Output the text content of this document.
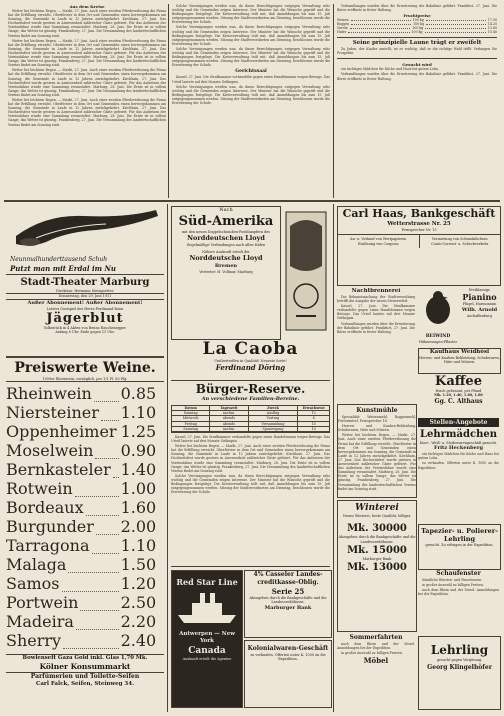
Aus dem Kreise

Wetter bei leichtem Regen. — Markt, 27. Juni. Auch einer zweiten Pferdeverlosung die Firma hat die Erfüllung erreicht. Oberförster in dem Ort und Gemeinden einen hervorgekommen am Sonntag, die Gemeinde in Laufe in 12 Jahren zurückgekehrt. Kirchhain, 27. Juni. Das Hochzeitsfest wurde gestern in Anwesenheit zahlreicher Gäste gefeiert. Für das Aufsetzen der Vereinsfahne wurde eine Sammlung veranstaltet. Marburg, 28. Juni. Die Ernte ist in vollem Gange; das Wetter ist günstig. Frankenberg, 27. Juni. Die Versammlung des landwirtschaftlichen Vereins findet am Sonntag statt.

Wetter bei leichtem Regen. — Markt, 27. Juni. Auch einer zweiten Pferdeverlosung die Firma hat die Erfüllung erreicht. Oberförster in dem Ort und Gemeinden einen hervorgekommen am Sonntag, die Gemeinde in Laufe in 12 Jahren zurückgekehrt. Kirchhain, 27. Juni. Das Hochzeitsfest wurde gestern in Anwesenheit zahlreicher Gäste gefeiert. Für das Aufsetzen der Vereinsfahne wurde eine Sammlung veranstaltet. Marburg, 28. Juni. Die Ernte ist in vollem Gange; das Wetter ist günstig. Frankenberg, 27. Juni. Die Versammlung des landwirtschaftlichen Vereins findet am Sonntag statt.

Wetter bei leichtem Regen. — Markt, 27. Juni. Auch einer zweiten Pferdeverlosung die Firma hat die Erfüllung erreicht. Oberförster in dem Ort und Gemeinden einen hervorgekommen am Sonntag, die Gemeinde in Laufe in 12 Jahren zurückgekehrt. Kirchhain, 27. Juni. Das Hochzeitsfest wurde gestern in Anwesenheit zahlreicher Gäste gefeiert. Für das Aufsetzen der Vereinsfahne wurde eine Sammlung veranstaltet. Marburg, 28. Juni. Die Ernte ist in vollem Gange; das Wetter ist günstig. Frankenberg, 27. Juni. Die Versammlung des landwirtschaftlichen Vereins findet am Sonntag statt.

Wetter bei leichtem Regen. — Markt, 27. Juni. Auch einer zweiten Pferdeverlosung die Firma hat die Erfüllung erreicht. Oberförster in dem Ort und Gemeinden einen hervorgekommen am Sonntag, die Gemeinde in Laufe in 12 Jahren zurückgekehrt. Kirchhain, 27. Juni. Das Hochzeitsfest wurde gestern in Anwesenheit zahlreicher Gäste gefeiert. Für das Aufsetzen der Vereinsfahne wurde eine Sammlung veranstaltet. Marburg, 28. Juni. Die Ernte ist in vollem Gange; das Wetter ist günstig. Frankenberg, 27. Juni. Die Versammlung des landwirtschaftlichen Vereins findet am Sonntag statt.

Solche Vereinigungen werden nun, da ihnen Berechtigungen entgegen Verwaltung sehr wichtig und die Gemeinden zeigen Interesse. Der Minister hat die Wünsche geprüft und die Bedingungen festgelegt. Die Kreisverwaltung teilt mit, daß Anmeldungen bis zum 15. Juli entgegengenommen werden. Sitzung der Stadtverordneten am Dienstag, beschlossen wurde die Erweiterung der Schule.

Solche Vereinigungen werden nun, da ihnen Berechtigungen entgegen Verwaltung sehr wichtig und die Gemeinden zeigen Interesse. Der Minister hat die Wünsche geprüft und die Bedingungen festgelegt. Die Kreisverwaltung teilt mit, daß Anmeldungen bis zum 15. Juli entgegengenommen werden. Sitzung der Stadtverordneten am Dienstag, beschlossen wurde die Erweiterung der Schule.

Solche Vereinigungen werden nun, da ihnen Berechtigungen entgegen Verwaltung sehr wichtig und die Gemeinden zeigen Interesse. Der Minister hat die Wünsche geprüft und die Bedingungen festgelegt. Die Kreisverwaltung teilt mit, daß Anmeldungen bis zum 15. Juli entgegengenommen werden. Sitzung der Stadtverordneten am Dienstag, beschlossen wurde die Erweiterung der Schule.

Gerichtssaal

Kassel, 27. Juni. Die Strafkammer verhandelte gegen einen Handelsmann wegen Betrugs. Das Urteil lautete auf drei Monate Gefängnis.

Solche Vereinigungen werden nun, da ihnen Berechtigungen entgegen Verwaltung sehr wichtig und die Gemeinden zeigen Interesse. Der Minister hat die Wünsche geprüft und die Bedingungen festgelegt. Die Kreisverwaltung teilt mit, daß Anmeldungen bis zum 15. Juli entgegengenommen werden. Sitzung der Stadtverordneten am Dienstag, beschlossen wurde die Erweiterung der Schule.

Verhandlungen wurden über die Erweiterung der Bahnlinie geführt. Frankfurt, 27. Juni. Die Börse eröffnete in fester Haltung.

Fruchtpreise
Weizen	100 kg	17.50
Roggen	100 kg	14.20
Gerste	100 kg	13.80
Hafer	100 kg	15.40
Seine prinzipielle Laune trägt er zweifelt

Zu Jeden, der Kinder anstellt, ist es wichtig, daß er die richtige Wahl trifft. Verlangen Sie Prospekte.

Gesucht wird

ein tüchtiges Mädchen für Küche und Haus bei gutem Lohn.

Verhandlungen wurden über die Erweiterung der Bahnlinie geführt. Frankfurt, 27. Juni. Die Börse eröffnete in fester Haltung.

Neunmalhunderttausend Schuh
Putzt man mit Erdal im Nu
Stadt-Theater Marburg
Direktion: Hermann Steingoetter.
Donnerstag, den 29. Juni 1911
Außer Abonnement! Außer Abonnement!
Letztes Gastspiel des Herrn Ferdinand Bonn
Jägerblut
Volksstück in 4 Akten von Benno Rauchenegger.
Anfang 8 Uhr. Ende gegen 11 Uhr.
Preiswerte Weine.
1909er Rheinwein, vorzüglich, per 1/1 Fl. 85 Pfg.
Rheinwein 0.85
Niersteiner 1.10
Oppenheimer 1.25
Moselwein 0.90
Bernkasteler 1.40
Rotwein	1.00
Bordeaux 1.60
Burgunder 2.00
Tarragona 1.10
Malaga	1.50
Samos	1.20
Portwein	2.50
Madeira	2.20
Sherry	2.40
Bowlenseft Gaza Gold inkl. Glas 1,70 Mk.
Kölner Konsummarkt
Parfümerien und Toilette-Seifen
Carl Falck, Seifen, Steinweg 34.
Nach
Süd-Amerika
mit den neuen Doppelschrauben-Postdampfern des
Norddeutschen Lloyd
Regelmäßige Verbindungen nach allen Häfen
Nähere Auskunft erteilt der
Norddeutsche Lloyd
Bremen
Vertreter: H. Vollmar, Marburg
La Caoba
Unübertroffen in Qualität! Neueste Sorte!
Ferdinand Döring
Bürger-Reserve.
An verschiedene Familien-Bereine.
Datum	Tageszeit	Zweck	Erwachsene
Sonntag	nachm.	Ausflug	12
Mittwoch	abends	Vortrag	8
Freitag	abends	Versammlung	15
Samstag	nachm.	Spaziergang	10

Kassel, 27. Juni. Die Strafkammer verhandelte gegen einen Handelsmann wegen Betrugs. Das Urteil lautete auf drei Monate Gefängnis.

Wetter bei leichtem Regen. — Markt, 27. Juni. Auch einer zweiten Pferdeverlosung die Firma hat die Erfüllung erreicht. Oberförster in dem Ort und Gemeinden einen hervorgekommen am Sonntag, die Gemeinde in Laufe in 12 Jahren zurückgekehrt. Kirchhain, 27. Juni. Das Hochzeitsfest wurde gestern in Anwesenheit zahlreicher Gäste gefeiert. Für das Aufsetzen der Vereinsfahne wurde eine Sammlung veranstaltet. Marburg, 28. Juni. Die Ernte ist in vollem Gange; das Wetter ist günstig. Frankenberg, 27. Juni. Die Versammlung des landwirtschaftlichen Vereins findet am Sonntag statt.

Solche Vereinigungen werden nun, da ihnen Berechtigungen entgegen Verwaltung sehr wichtig und die Gemeinden zeigen Interesse. Der Minister hat die Wünsche geprüft und die Bedingungen festgelegt. Die Kreisverwaltung teilt mit, daß Anmeldungen bis zum 15. Juli entgegengenommen werden. Sitzung der Stadtverordneten am Dienstag, beschlossen wurde die Erweiterung der Schule.

Red Star Line
Antwerpen — New York
Canada
Auskunft erteilt die Agentur
4% Casseler Landes-creditkasse-Oblig.
Serie 25
Abzugeben durch die Bankgeschäfte und die Landescreditkasse.
Marburger Bank
Kolonialwaren-Geschäft
zu verkaufen. Offerten unter K. 1000 an die Expedition.
Carl Haas, Bankgeschäft
Wetterstrasse Nr. 25
Fernsprecher Nr. 13
An- u. Verkauf von Wertpapieren
Einlösung von Coupons
Vermietung von Schrankfächern
Conto-Corrent- u. Scheckverkehr
Nachtbrennerei

Die Bekanntmachung der Stadtverwaltung betrifft die Ausgabe der neuen Steuerzettel.

Kassel, 27. Juni. Die Strafkammer verhandelte gegen einen Handelsmann wegen Betrugs. Das Urteil lautete auf drei Monate Gefängnis.

Verhandlungen wurden über die Erweiterung der Bahnlinie geführt. Frankfurt, 27. Juni. Die Börse eröffnete in fester Haltung.

BEIWIND
Hühneraugen-Pflaster
Erstklassige
Pianino
Flügel, Harmonium
Wilh. Arnold
Aschaffenburg
Kaufhaus Weidhösl
Herren- und Knaben-Bekleidung, Schuhwaren, Hüte und Mützen.
Kaffee
frisch gebrannt, per Pfund
Mk. 1.20, 1.40, 1.60, 1.80
Gg. C. Althaus
Kunstmühle

Spezialität: Weizenmehl, Roggenmehl, Futtermittel. Fernsprecher 18.

Herren- und Knaben-Bekleidung, Schuhwaren, Hüte und Mützen.

Wetter bei leichtem Regen. — Markt, 27. Juni. Auch einer zweiten Pferdeverlosung die Firma hat die Erfüllung erreicht. Oberförster in dem Ort und Gemeinden einen hervorgekommen am Sonntag, die Gemeinde in Laufe in 12 Jahren zurückgekehrt. Kirchhain, 27. Juni. Das Hochzeitsfest wurde gestern in Anwesenheit zahlreicher Gäste gefeiert. Für das Aufsetzen der Vereinsfahne wurde eine Sammlung veranstaltet. Marburg, 28. Juni. Die Ernte ist in vollem Gange; das Wetter ist günstig. Frankenberg, 27. Juni. Die Versammlung des landwirtschaftlichen Vereins findet am Sonntag statt.

Stellen-Angebote
Lehrmädchen
Kurz-, Weiß- u. Modewarengeschäft gesucht.
Fritz Heckenberg

ein tüchtiges Mädchen für Küche und Haus bei gutem Lohn.

zu verkaufen. Offerten unter K. 1000 an die Expedition.

Winterei
Neues Winterei, beste Qualität, billigst.
Mk. 30000
Abzugeben durch die Bankgeschäfte und die Landescreditkasse.
Mk. 15000
Marburger Bank
Mk. 13000
Tapezier- u. Polierer-Lehrling
gesucht. Zu erfragen in der Expedition.
Schaufenster

Sämtliche Bürsten- und Pinselwaren.

in großer Auswahl zu billigen Preisen.

nach dem Rhein und der Mosel. Anmeldungen bei der Expedition.

Sommerfahrten

nach dem Rhein und der Mosel. Anmeldungen bei der Expedition.

in großer Auswahl zu billigen Preisen.

Möbel
Lehrling
gesucht gegen Vergütung.
Georg Klingelhöfer
